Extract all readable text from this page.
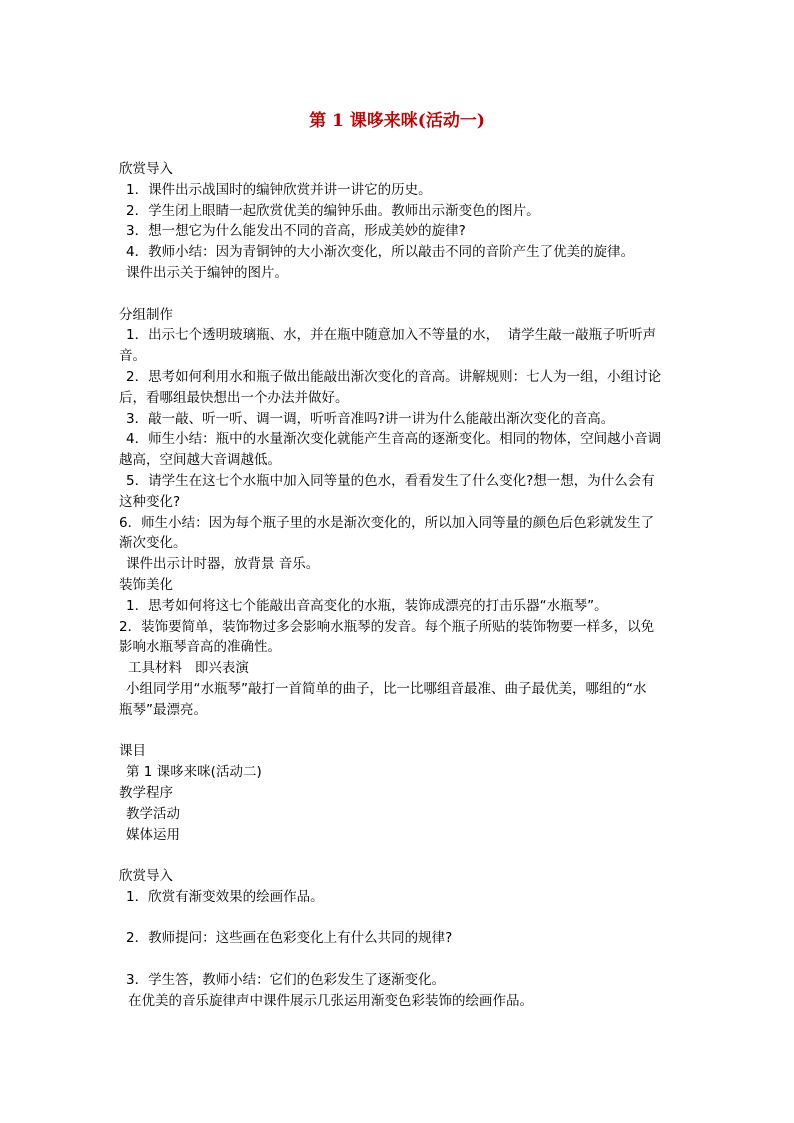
第 1 课哆来咪(活动一)
欣赏导入
1．课件出示战国时的编钟欣赏并讲一讲它的历史。
2．学生闭上眼睛一起欣赏优美的编钟乐曲。教师出示渐变色的图片。
3．想一想它为什么能发出不同的音高，形成美妙的旋律?
4．教师小结：因为青铜钟的大小渐次变化，所以敲击不同的音阶产生了优美的旋律。
课件出示关于编钟的图片。
分组制作
1．出示七个透明玻璃瓶、水，并在瓶中随意加入不等量的水，  请学生敲一敲瓶子听听声
音。
2．思考如何利用水和瓶子做出能敲出渐次变化的音高。讲解规则：七人为一组，小组讨论
后，看哪组最快想出一个办法并做好。
3．敲一敲、听一听、调一调，听听音准吗?讲一讲为什么能敲出渐次变化的音高。
4．师生小结：瓶中的水量渐次变化就能产生音高的逐渐变化。相同的物体，空间越小音调
越高，空间越大音调越低。
5．请学生在这七个水瓶中加入同等量的色水，看看发生了什么变化?想一想，为什么会有
这种变化?
6．师生小结：因为每个瓶子里的水是渐次变化的，所以加入同等量的颜色后色彩就发生了
渐次变化。
课件出示计时器，放背景 音乐。
装饰美化
1．思考如何将这七个能敲出音高变化的水瓶，装饰成漂亮的打击乐器“水瓶琴”。
2．装饰要简单，装饰物过多会影响水瓶琴的发音。每个瓶子所贴的装饰物要一样多，以免
影响水瓶琴音高的准确性。
工具材料   即兴表演
小组同学用“水瓶琴”敲打一首简单的曲子，比一比哪组音最准、曲子最优美，哪组的“水
瓶琴”最漂亮。
课目
第 1 课哆来咪(活动二)
教学程序
教学活动
媒体运用
欣赏导入
1．欣赏有渐变效果的绘画作品。
2．教师提问：这些画在色彩变化上有什么共同的规律?
3．学生答，教师小结：它们的色彩发生了逐渐变化。
在优美的音乐旋律声中课件展示几张运用渐变色彩装饰的绘画作品。
